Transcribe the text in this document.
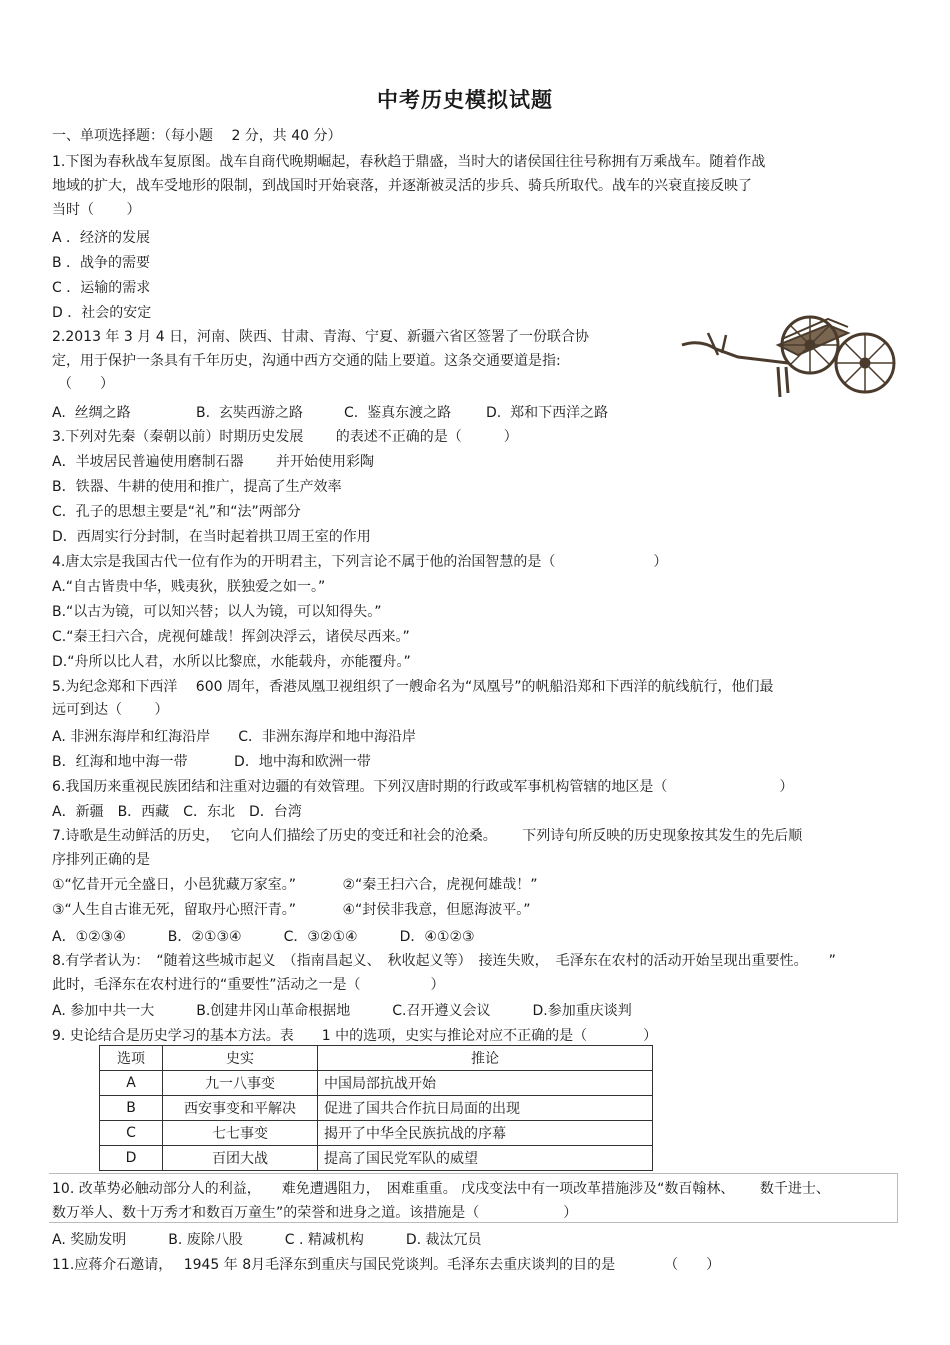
中考历史模拟试题
一、单项选择题：（每小题　 2 分，共 40 分）
1.下图为春秋战车复原图。战车自商代晚期崛起，春秋趋于鼎盛，当时大的诸侯国往往号称拥有万乘战车。随着作战
地域的扩大，战车受地形的限制，到战国时开始衰落，并逐渐被灵活的步兵、骑兵所取代。战车的兴衰直接反映了
当时（　　 ）
A ．经济的发展
B ．战争的需要
C ．运输的需求
D ．社会的安定
2.2013 年 3 月 4 日，河南、陕西、甘肃、青海、宁夏、新疆六省区签署了一份联合协
定，用于保护一条具有千年历史，沟通中西方交通的陆上要道。这条交通要道是指:
（　　）
A.  丝绸之路	B.  玄奘西游之路	C.  鉴真东渡之路 D.  郑和下西洋之路
3.下列对先秦（秦朝以前）时期历史发展　　 的表述不正确的是（　　　）
A．半坡居民普遍使用磨制石器　　 并开始使用彩陶
B．铁器、牛耕的使用和推广，提高了生产效率
C．孔子的思想主要是“礼”和“法”两部分
D．西周实行分封制，在当时起着拱卫周王室的作用
4.唐太宗是我国古代一位有作为的开明君主，下列言论不属于他的治国智慧的是（　　　　　　　）
A.“自古皆贵中华，贱夷狄，朕独爱之如一。”
B.“以古为镜，可以知兴替；以人为镜，可以知得失。”
C.“秦王扫六合，虎视何雄哉！挥剑决浮云，诸侯尽西来。”
D.“舟所以比人君，水所以比黎庶，水能载舟，亦能覆舟。”
5.为纪念郑和下西洋　 600 周年，香港凤凰卫视组织了一艘命名为“凤凰号”的帆船沿郑和下西洋的航线航行，他们最
远可到达（　　 ）
A. 非洲东海岸和红海沿岸　　C．非洲东海岸和地中海沿岸
B．红海和地中海一带　　　 D．地中海和欧洲一带
6.我国历来重视民族团结和注重对边疆的有效管理。下列汉唐时期的行政或军事机构管辖的地区是（　　　　　　　　）
A．新疆　B．西藏　C．东北　D．台湾
7.诗歌是生动鲜活的历史，　 它向人们描绘了历史的变迁和社会的沧桑。　　 下列诗句所反映的历史现象按其发生的先后顺
序排列正确的是
①“忆昔开元全盛日，小邑犹藏万家室。”　　　 ②“秦王扫六合，虎视何雄哉！”
③“人生自古谁无死，留取丹心照汗青。”　　　 ④“封侯非我意，但愿海波平。”
A．①②③④　　　B．②①③④　　　C．③②①④　　　D．④①②③
8.有学者认为：　“随着这些城市起义　（指南昌起义、　秋收起义等）　接连失败，　毛泽东在农村的活动开始呈现出重要性。　　”
此时，毛泽东在农村进行的“重要性”活动之一是（　　　　　）
A. 参加中共一大　　　B.创建井冈山革命根据地　　　C.召开遵义会议　　　D.参加重庆谈判
9. 史论结合是历史学习的基本方法。表　　1 中的选项，史实与推论对应不正确的是（　　　　）
选项	史实	推论
A	九一八事变	中国局部抗战开始
B	西安事变和平解决	促进了国共合作抗日局面的出现
C	七七事变	揭开了中华全民族抗战的序幕
D	百团大战	提高了国民党军队的威望
10. 改革势必触动部分人的利益，　　难免遭遇阻力，　困难重重。 戊戌变法中有一项改革措施涉及“数百翰林、　　 数千进士、
数万举人、数十万秀才和数百万童生”的荣誉和进身之道。该措施是（　　　　　　）
A. 奖励发明　　　B. 废除八股　　　C . 精减机构　　　D. 裁汰冗员
11.应蒋介石邀请，　 1945 年 8月毛泽东到重庆与国民党谈判。毛泽东去重庆谈判的目的是　　　　（　　）
